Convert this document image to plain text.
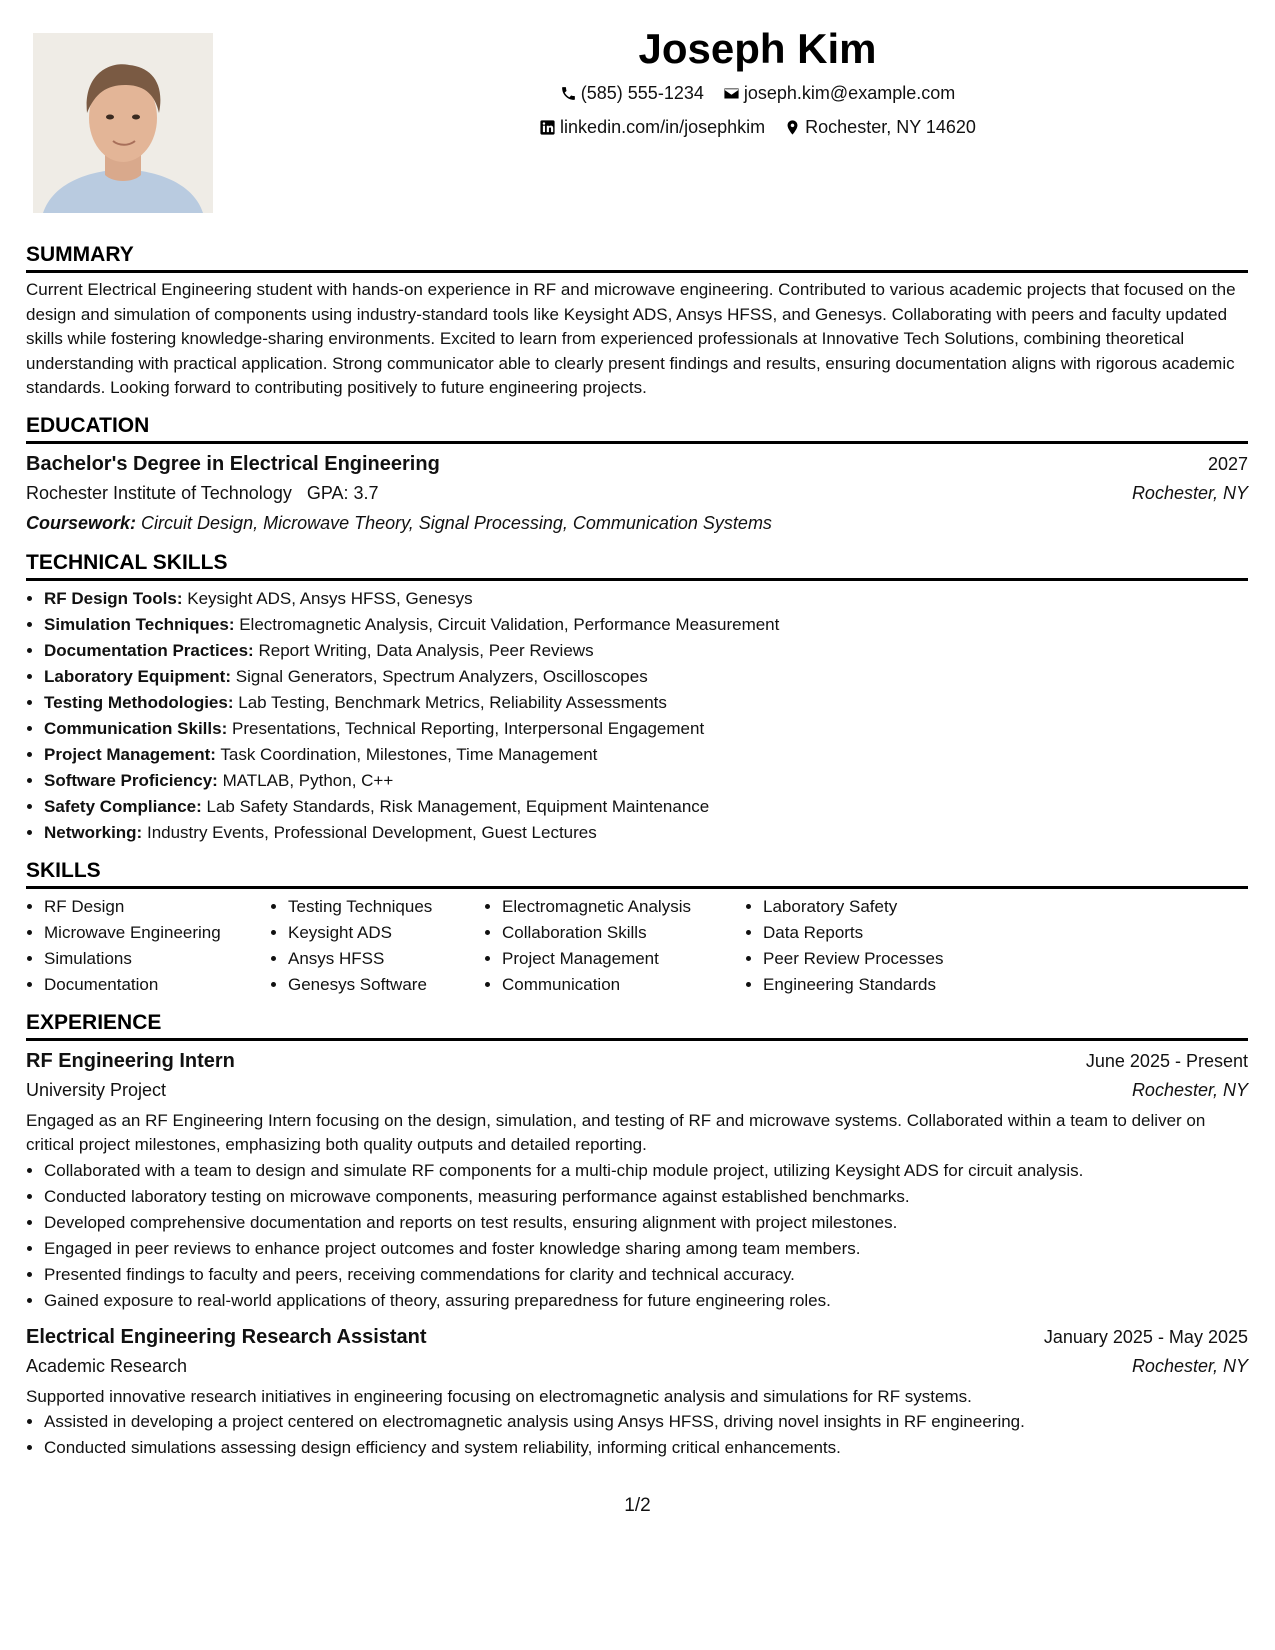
Joseph Kim
(585) 555-1234
joseph.kim@example.com
linkedin.com/in/josephkim
Rochester, NY 14620
SUMMARY

Current Electrical Engineering student with hands-on experience in RF and microwave engineering. Contributed to various academic projects that focused on the design and simulation of components using industry-standard tools like Keysight ADS, Ansys HFSS, and Genesys. Collaborating with peers and faculty updated skills while fostering knowledge-sharing environments. Excited to learn from experienced professionals at Innovative Tech Solutions, combining theoretical understanding with practical application. Strong communicator able to clearly present findings and results, ensuring documentation aligns with rigorous academic standards. Looking forward to contributing positively to future engineering projects.

EDUCATION
Bachelor's Degree in Electrical Engineering	2027
Rochester Institute of Technology GPA: 3.7	Rochester, NY
Coursework: Circuit Design, Microwave Theory, Signal Processing, Communication Systems
TECHNICAL SKILLS
• RF Design Tools: Keysight ADS, Ansys HFSS, Genesys
• Simulation Techniques: Electromagnetic Analysis, Circuit Validation, Performance Measurement
• Documentation Practices: Report Writing, Data Analysis, Peer Reviews
• Laboratory Equipment: Signal Generators, Spectrum Analyzers, Oscilloscopes
• Testing Methodologies: Lab Testing, Benchmark Metrics, Reliability Assessments
• Communication Skills: Presentations, Technical Reporting, Interpersonal Engagement
• Project Management: Task Coordination, Milestones, Time Management
• Software Proficiency: MATLAB, Python, C++
• Safety Compliance: Lab Safety Standards, Risk Management, Equipment Maintenance
• Networking: Industry Events, Professional Development, Guest Lectures
SKILLS
• RF Design
• Microwave Engineering
• Simulations
• Documentation
• Testing Techniques
• Keysight ADS
• Ansys HFSS
• Genesys Software
• Electromagnetic Analysis
• Collaboration Skills
• Project Management
• Communication
• Laboratory Safety
• Data Reports
• Peer Review Processes
• Engineering Standards
EXPERIENCE
RF Engineering Intern	June 2025 - Present
University Project	Rochester, NY

Engaged as an RF Engineering Intern focusing on the design, simulation, and testing of RF and microwave systems. Collaborated within a team to deliver on critical project milestones, emphasizing both quality outputs and detailed reporting.

• Collaborated with a team to design and simulate RF components for a multi-chip module project, utilizing Keysight ADS for circuit analysis.
• Conducted laboratory testing on microwave components, measuring performance against established benchmarks.
• Developed comprehensive documentation and reports on test results, ensuring alignment with project milestones.
• Engaged in peer reviews to enhance project outcomes and foster knowledge sharing among team members.
• Presented findings to faculty and peers, receiving commendations for clarity and technical accuracy.
• Gained exposure to real-world applications of theory, assuring preparedness for future engineering roles.
Electrical Engineering Research Assistant	January 2025 - May 2025
Academic Research	Rochester, NY

Supported innovative research initiatives in engineering focusing on electromagnetic analysis and simulations for RF systems.

• Assisted in developing a project centered on electromagnetic analysis using Ansys HFSS, driving novel insights in RF engineering.
• Conducted simulations assessing design efficiency and system reliability, informing critical enhancements.
1/2
